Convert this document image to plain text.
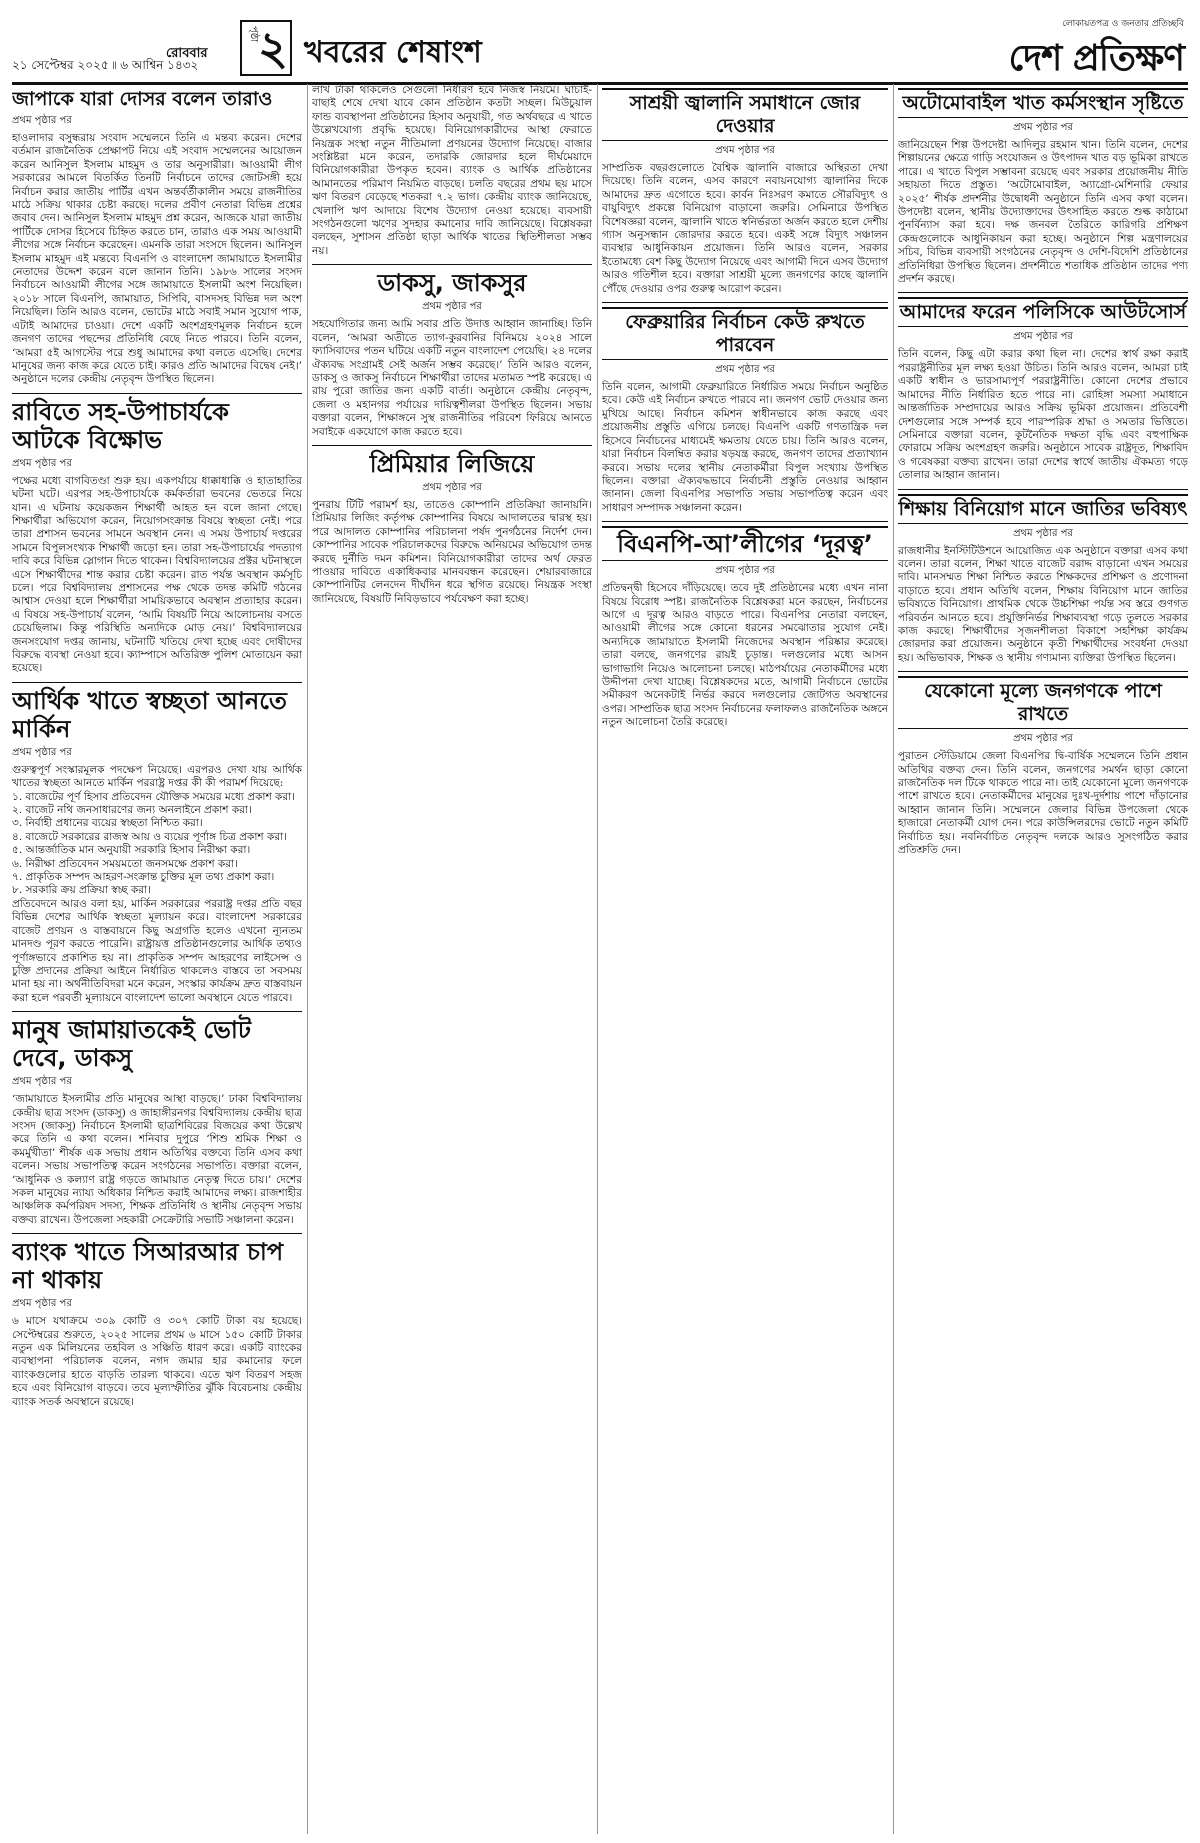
২১ সেপ্টেম্বর ২০২৫ ৷৷ ৬ আশ্বিন ১৪৩২
রোববার
পৃষ্ঠা ২ খবরের শেষাংশ
লোকায়তপত্র ও জনতার প্রতিচ্ছবি
দেশ প্রতিক্ষণ
জাপাকে যারা দোসর বলেন তারাও
প্রথম পৃষ্ঠার পর

হাওলাদার বসুন্ধরায় সংবাদ সম্মেলনে তিনি এ মন্তব্য করেন। দেশের বর্তমান রাজনৈতিক প্রেক্ষাপট নিয়ে এই সংবাদ সম্মেলনের আয়োজন করেন আনিসুল ইসলাম মাহমুদ ও তার অনুসারীরা। আওয়ামী লীগ সরকারের আমলে বিতর্কিত তিনটি নির্বাচনে তাদের জোটসঙ্গী হয়ে নির্বাচন করার জাতীয় পার্টির এখন অন্তর্বর্তীকালীন সময়ে রাজনীতির মাঠে সক্রিয় থাকার চেষ্টা করছে। দলের প্রবীণ নেতারা বিভিন্ন প্রশ্নের জবাব দেন। আনিসুল ইসলাম মাহমুদ প্রশ্ন করেন, আজকে যারা জাতীয় পার্টিকে দোসর হিসেবে চিহ্নিত করতে চান, তারাও এক সময় আওয়ামী লীগের সঙ্গে নির্বাচন করেছেন। এমনকি তারা সংসদে ছিলেন। আনিসুল ইসলাম মাহমুদ এই মন্তব্যে বিএনপি ও বাংলাদেশ জামায়াতে ইসলামীর নেতাদের উদ্দেশ করেন বলে জানান তিনি। ১৯৮৬ সালের সংসদ নির্বাচনে আওয়ামী লীগের সঙ্গে জামায়াতে ইসলামী অংশ নিয়েছিল। ২০১৮ সালে বিএনপি, জামায়াত, সিপিবি, বাসদসহ বিভিন্ন দল অংশ নিয়েছিল। তিনি আরও বলেন, ভোটের মাঠে সবাই সমান সুযোগ পাক, এটাই আমাদের চাওয়া। দেশে একটি অংশগ্রহণমূলক নির্বাচন হলে জনগণ তাদের পছন্দের প্রতিনিধি বেছে নিতে পারবে। তিনি বলেন, ‘আমরা ৫ই আগস্টের পরে শুধু আমাদের কথা বলতে এসেছি। দেশের মানুষের জন্য কাজ করে যেতে চাই। কারও প্রতি আমাদের বিদ্বেষ নেই।’ অনুষ্ঠানে দলের কেন্দ্রীয় নেতৃবৃন্দ উপস্থিত ছিলেন।

রাবিতে সহ-উপাচার্যকে আটকে বিক্ষোভ
প্রথম পৃষ্ঠার পর

পক্ষের মধ্যে বাগবিতণ্ডা শুরু হয়। একপর্যায়ে ধাক্কাধাক্কি ও হাতাহাতির ঘটনা ঘটে। এরপর সহ-উপাচার্যকে কর্মকর্তারা ভবনের ভেতরে নিয়ে যান। এ ঘটনায় কয়েকজন শিক্ষার্থী আহত হন বলে জানা গেছে। শিক্ষার্থীরা অভিযোগ করেন, নিয়োগসংক্রান্ত বিষয়ে স্বচ্ছতা নেই। পরে তারা প্রশাসন ভবনের সামনে অবস্থান নেন। এ সময় উপাচার্য দপ্তরের সামনে বিপুলসংখ্যক শিক্ষার্থী জড়ো হন। তারা সহ-উপাচার্যের পদত্যাগ দাবি করে বিভিন্ন স্লোগান দিতে থাকেন। বিশ্ববিদ্যালয়ের প্রক্টর ঘটনাস্থলে এসে শিক্ষার্থীদের শান্ত করার চেষ্টা করেন। রাত পর্যন্ত অবস্থান কর্মসূচি চলে। পরে বিশ্ববিদ্যালয় প্রশাসনের পক্ষ থেকে তদন্ত কমিটি গঠনের আশ্বাস দেওয়া হলে শিক্ষার্থীরা সাময়িকভাবে অবস্থান প্রত্যাহার করেন। এ বিষয়ে সহ-উপাচার্য বলেন, ‘আমি বিষয়টি নিয়ে আলোচনায় বসতে চেয়েছিলাম। কিন্তু পরিস্থিতি অন্যদিকে মোড় নেয়।’ বিশ্ববিদ্যালয়ের জনসংযোগ দপ্তর জানায়, ঘটনাটি খতিয়ে দেখা হচ্ছে এবং দোষীদের বিরুদ্ধে ব্যবস্থা নেওয়া হবে। ক্যাম্পাসে অতিরিক্ত পুলিশ মোতায়েন করা হয়েছে।

আর্থিক খাতে স্বচ্ছতা আনতে মার্কিন
প্রথম পৃষ্ঠার পর

গুরুত্বপূর্ণ সংস্কারমূলক পদক্ষেপ নিয়েছে। এরপরও দেখা যায় আর্থিক খাতের স্বচ্ছতা আনতে মার্কিন পররাষ্ট্র দপ্তর কী কী পরামর্শ দিয়েছে:

১. বাজেটের পূর্ণ হিসাব প্রতিবেদন যৌক্তিক সময়ের মধ্যে প্রকাশ করা।

২. বাজেট নথি জনসাধারণের জন্য অনলাইনে প্রকাশ করা।

৩. নির্বাহী প্রধানের ব্যয়ের স্বচ্ছতা নিশ্চিত করা।

৪. বাজেটে সরকারের রাজস্ব আয় ও ব্যয়ের পূর্ণাঙ্গ চিত্র প্রকাশ করা।

৫. আন্তর্জাতিক মান অনুযায়ী সরকারি হিসাব নিরীক্ষা করা।

৬. নিরীক্ষা প্রতিবেদন সময়মতো জনসমক্ষে প্রকাশ করা।

৭. প্রাকৃতিক সম্পদ আহরণ-সংক্রান্ত চুক্তির মূল তথ্য প্রকাশ করা।

৮. সরকারি ক্রয় প্রক্রিয়া স্বচ্ছ করা।

প্রতিবেদনে আরও বলা হয়, মার্কিন সরকারের পররাষ্ট্র দপ্তর প্রতি বছর বিভিন্ন দেশের আর্থিক স্বচ্ছতা মূল্যায়ন করে। বাংলাদেশ সরকারের বাজেট প্রণয়ন ও বাস্তবায়নে কিছু অগ্রগতি হলেও এখনো ন্যূনতম মানদণ্ড পূরণ করতে পারেনি। রাষ্ট্রায়ত্ত প্রতিষ্ঠানগুলোর আর্থিক তথ্যও পূর্ণাঙ্গভাবে প্রকাশিত হয় না। প্রাকৃতিক সম্পদ আহরণের লাইসেন্স ও চুক্তি প্রদানের প্রক্রিয়া আইনে নির্ধারিত থাকলেও বাস্তবে তা সবসময় মানা হয় না। অর্থনীতিবিদরা মনে করেন, সংস্কার কার্যক্রম দ্রুত বাস্তবায়ন করা হলে পরবর্তী মূল্যায়নে বাংলাদেশ ভালো অবস্থানে যেতে পারবে।

মানুষ জামায়াতকেই ভোট দেবে, ডাকসু
প্রথম পৃষ্ঠার পর

‘জামায়াতে ইসলামীর প্রতি মানুষের আস্থা বাড়ছে।’ ঢাকা বিশ্ববিদ্যালয় কেন্দ্রীয় ছাত্র সংসদ (ডাকসু) ও জাহাঙ্গীরনগর বিশ্ববিদ্যালয় কেন্দ্রীয় ছাত্র সংসদ (জাকসু) নির্বাচনে ইসলামী ছাত্রশিবিরের বিজয়ের কথা উল্লেখ করে তিনি এ কথা বলেন। শনিবার দুপুরে ‘শিশু শ্রমিক শিক্ষা ও কমর্মুখীতা’ শীর্ষক এক সভায় প্রধান অতিথির বক্তব্যে তিনি এসব কথা বলেন। সভায় সভাপতিত্ব করেন সংগঠনের সভাপতি। বক্তারা বলেন, ‘আধুনিক ও কল্যাণ রাষ্ট্র গড়তে জামায়াত নেতৃত্ব দিতে চায়।’ দেশের সকল মানুষের ন্যায্য অধিকার নিশ্চিত করাই আমাদের লক্ষ্য। রাজশাহীর আঞ্চলিক কর্মপরিষদ সদস্য, শিক্ষক প্রতিনিধি ও স্থানীয় নেতৃবৃন্দ সভায় বক্তব্য রাখেন। উপজেলা সহকারী সেক্রেটারি সভাটি সঞ্চালনা করেন।

ব্যাংক খাতে সিআরআর চাপ না থাকায়
প্রথম পৃষ্ঠার পর

৬ মাসে যথাক্রমে ৩০৯ কোটি ও ৩০৭ কোটি টাকা বয় হয়েছে। সেপ্টেম্বরের শুরুতে, ২০২৫ সালের প্রথম ৬ মাসে ১৫০ কোটি টাকার নতুন এক মিলিয়নের তহবিল ও সঞ্চিতি ধারণ করে। একটি ব্যাংকের ব্যবস্থাপনা পরিচালক বলেন, নগদ জমার হার কমানোর ফলে ব্যাংকগুলোর হাতে বাড়তি তারল্য থাকবে। এতে ঋণ বিতরণ সহজ হবে এবং বিনিয়োগ বাড়বে। তবে মূল্যস্ফীতির ঝুঁকি বিবেচনায় কেন্দ্রীয় ব্যাংক সতর্ক অবস্থানে রয়েছে।

লাখ টাকা থাকলেও সেগুলো নির্ধারণ হবে নিজস্ব নিয়মে। ঘাচাই-বাছাই শেষে দেখা যাবে কোন প্রতিষ্ঠান কতটা সচ্ছল। মিউচুয়াল ফান্ড ব্যবস্থাপনা প্রতিষ্ঠানের হিসাব অনুযায়ী, গত অর্থবছরে এ খাতে উল্লেখযোগ্য প্রবৃদ্ধি হয়েছে। বিনিয়োগকারীদের আস্থা ফেরাতে নিয়ন্ত্রক সংস্থা নতুন নীতিমালা প্রণয়নের উদ্যোগ নিয়েছে। বাজার সংশ্লিষ্টরা মনে করেন, তদারকি জোরদার হলে দীর্ঘমেয়াদে বিনিয়োগকারীরা উপকৃত হবেন। ব্যাংক ও আর্থিক প্রতিষ্ঠানের আমানতের পরিমাণ নিয়মিত বাড়ছে। চলতি বছরের প্রথম ছয় মাসে ঋণ বিতরণ বেড়েছে শতকরা ৭.২ ভাগ। কেন্দ্রীয় ব্যাংক জানিয়েছে, খেলাপি ঋণ আদায়ে বিশেষ উদ্যোগ নেওয়া হয়েছে। ব্যবসায়ী সংগঠনগুলো ঋণের সুদহার কমানোর দাবি জানিয়েছে। বিশ্লেষকরা বলছেন, সুশাসন প্রতিষ্ঠা ছাড়া আর্থিক খাতের স্থিতিশীলতা সম্ভব নয়।

ডাকসু, জাকসুর
প্রথম পৃষ্ঠার পর

সহযোগিতার জন্য আমি সবার প্রতি উদাত্ত আহ্বান জানাচ্ছি। তিনি বলেন, ‘আমরা অতীতে ত্যাগ-কুরবানির বিনিময়ে ২০২৪ সালে ফ্যাসিবাদের পতন ঘটিয়ে একটি নতুন বাংলাদেশ পেয়েছি। ২৪ দলের ঐক্যবদ্ধ সংগ্রামই সেই অর্জন সম্ভব করেছে।’ তিনি আরও বলেন, ডাকসু ও জাকসু নির্বাচনে শিক্ষার্থীরা তাদের মতামত স্পষ্ট করেছে। এ রায় পুরো জাতির জন্য একটি বার্তা। অনুষ্ঠানে কেন্দ্রীয় নেতৃবৃন্দ, জেলা ও মহানগর পর্যায়ের দায়িত্বশীলরা উপস্থিত ছিলেন। সভায় বক্তারা বলেন, শিক্ষাঙ্গনে সুস্থ রাজনীতির পরিবেশ ফিরিয়ে আনতে সবাইকে একযোগে কাজ করতে হবে।

প্রিমিয়ার লিজিয়ে
প্রথম পৃষ্ঠার পর

পুনরায় টিটি পরামর্শ হয়, তাতেও কোম্পানি প্রতিক্রিয়া জানায়নি। প্রিমিয়ার লিজিং কর্তৃপক্ষ কোম্পানির বিষয়ে আদালতের দ্বারস্থ হয়। পরে আদালত কোম্পানির পরিচালনা পর্ষদ পুনর্গঠনের নির্দেশ দেন। কোম্পানির সাবেক পরিচালকদের বিরুদ্ধে অনিয়মের অভিযোগ তদন্ত করছে দুর্নীতি দমন কমিশন। বিনিয়োগকারীরা তাদের অর্থ ফেরত পাওয়ার দাবিতে একাধিকবার মানববন্ধন করেছেন। শেয়ারবাজারে কোম্পানিটির লেনদেন দীর্ঘদিন ধরে স্থগিত রয়েছে। নিয়ন্ত্রক সংস্থা জানিয়েছে, বিষয়টি নিবিড়ভাবে পর্যবেক্ষণ করা হচ্ছে।

সাশ্রয়ী জ্বালানি সমাধানে জোর দেওয়ার
প্রথম পৃষ্ঠার পর

সাম্প্রতিক বছরগুলোতে বৈশ্বিক জ্বালানি বাজারে অস্থিরতা দেখা দিয়েছে। তিনি বলেন, এসব কারণে নবায়নযোগ্য জ্বালানির দিকে আমাদের দ্রুত এগোতে হবে। কার্বন নিঃসরণ কমাতে সৌরবিদ্যুৎ ও বায়ুবিদ্যুৎ প্রকল্পে বিনিয়োগ বাড়ানো জরুরি। সেমিনারে উপস্থিত বিশেষজ্ঞরা বলেন, জ্বালানি খাতে স্বনির্ভরতা অর্জন করতে হলে দেশীয় গ্যাস অনুসন্ধান জোরদার করতে হবে। একই সঙ্গে বিদ্যুৎ সঞ্চালন ব্যবস্থার আধুনিকায়ন প্রয়োজন। তিনি আরও বলেন, সরকার ইতোমধ্যে বেশ কিছু উদ্যোগ নিয়েছে এবং আগামী দিনে এসব উদ্যোগ আরও গতিশীল হবে। বক্তারা সাশ্রয়ী মূল্যে জনগণের কাছে জ্বালানি পৌঁছে দেওয়ার ওপর গুরুত্ব আরোপ করেন।

ফেব্রুয়ারির নির্বাচন কেউ রুখতে পারবেন
প্রথম পৃষ্ঠার পর

তিনি বলেন, আগামী ফেব্রুয়ারিতে নির্ধারিত সময়ে নির্বাচন অনুষ্ঠিত হবে। কেউ এই নির্বাচন রুখতে পারবে না। জনগণ ভোট দেওয়ার জন্য মুখিয়ে আছে। নির্বাচন কমিশন স্বাধীনভাবে কাজ করছে এবং প্রয়োজনীয় প্রস্তুতি এগিয়ে চলছে। বিএনপি একটি গণতান্ত্রিক দল হিসেবে নির্বাচনের মাধ্যমেই ক্ষমতায় যেতে চায়। তিনি আরও বলেন, যারা নির্বাচন বিলম্বিত করার ষড়যন্ত্র করছে, জনগণ তাদের প্রত্যাখ্যান করবে। সভায় দলের স্থানীয় নেতাকর্মীরা বিপুল সংখ্যায় উপস্থিত ছিলেন। বক্তারা ঐক্যবদ্ধভাবে নির্বাচনী প্রস্তুতি নেওয়ার আহ্বান জানান। জেলা বিএনপির সভাপতি সভায় সভাপতিত্ব করেন এবং সাধারণ সম্পাদক সঞ্চালনা করেন।

বিএনপি-আ’লীগের ‘দূরত্ব’
প্রথম পৃষ্ঠার পর

প্রতিদ্বন্দ্বী হিসেবে দাঁড়িয়েছে। তবে দুই প্রতিষ্ঠানের মধ্যে এখন নানা বিষয়ে বিরোধ স্পষ্ট। রাজনৈতিক বিশ্লেষকরা মনে করছেন, নির্বাচনের আগে এ দূরত্ব আরও বাড়তে পারে। বিএনপির নেতারা বলছেন, আওয়ামী লীগের সঙ্গে কোনো ধরনের সমঝোতার সুযোগ নেই। অন্যদিকে জামায়াতে ইসলামী নিজেদের অবস্থান পরিষ্কার করেছে। তারা বলছে, জনগণের রায়ই চূড়ান্ত। দলগুলোর মধ্যে আসন ভাগাভাগি নিয়েও আলোচনা চলছে। মাঠপর্যায়ের নেতাকর্মীদের মধ্যে উদ্দীপনা দেখা যাচ্ছে। বিশ্লেষকদের মতে, আগামী নির্বাচনে ভোটের সমীকরণ অনেকটাই নির্ভর করবে দলগুলোর জোটগত অবস্থানের ওপর। সাম্প্রতিক ছাত্র সংসদ নির্বাচনের ফলাফলও রাজনৈতিক অঙ্গনে নতুন আলোচনা তৈরি করেছে।

অটোমোবাইল খাত কর্মসংস্থান সৃষ্টিতে
প্রথম পৃষ্ঠার পর

জানিয়েছেন শিল্প উপদেষ্টা আদিলুর রহমান খান। তিনি বলেন, দেশের শিল্পায়নের ক্ষেত্রে গাড়ি সংযোজন ও উৎপাদন খাত বড় ভূমিকা রাখতে পারে। এ খাতে বিপুল সম্ভাবনা রয়েছে এবং সরকার প্রয়োজনীয় নীতি সহায়তা দিতে প্রস্তুত। ‘অটোমোবাইল, অ্যাগ্রো-মেশিনারি ফেয়ার ২০২৫’ শীর্ষক প্রদর্শনীর উদ্বোধনী অনুষ্ঠানে তিনি এসব কথা বলেন। উপদেষ্টা বলেন, স্থানীয় উদ্যোক্তাদের উৎসাহিত করতে শুল্ক কাঠামো পুনর্বিন্যাস করা হবে। দক্ষ জনবল তৈরিতে কারিগরি প্রশিক্ষণ কেন্দ্রগুলোকে আধুনিকায়ন করা হচ্ছে। অনুষ্ঠানে শিল্প মন্ত্রণালয়ের সচিব, বিভিন্ন ব্যবসায়ী সংগঠনের নেতৃবৃন্দ ও দেশি-বিদেশি প্রতিষ্ঠানের প্রতিনিধিরা উপস্থিত ছিলেন। প্রদর্শনীতে শতাধিক প্রতিষ্ঠান তাদের পণ্য প্রদর্শন করছে।

আমাদের ফরেন পলিসিকে আউটসোর্স
প্রথম পৃষ্ঠার পর

তিনি বলেন, কিছু এটা করার কথা ছিল না। দেশের স্বার্থ রক্ষা করাই পররাষ্ট্রনীতির মূল লক্ষ্য হওয়া উচিত। তিনি আরও বলেন, আমরা চাই একটি স্বাধীন ও ভারসাম্যপূর্ণ পররাষ্ট্রনীতি। কোনো দেশের প্রভাবে আমাদের নীতি নির্ধারিত হতে পারে না। রোহিঙ্গা সমস্যা সমাধানে আন্তর্জাতিক সম্প্রদায়ের আরও সক্রিয় ভূমিকা প্রয়োজন। প্রতিবেশী দেশগুলোর সঙ্গে সম্পর্ক হবে পারস্পরিক শ্রদ্ধা ও সমতার ভিত্তিতে। সেমিনারে বক্তারা বলেন, কূটনৈতিক দক্ষতা বৃদ্ধি এবং বহুপাক্ষিক ফোরামে সক্রিয় অংশগ্রহণ জরুরি। অনুষ্ঠানে সাবেক রাষ্ট্রদূত, শিক্ষাবিদ ও গবেষকরা বক্তব্য রাখেন। তারা দেশের স্বার্থে জাতীয় ঐকমত্য গড়ে তোলার আহ্বান জানান।

শিক্ষায় বিনিয়োগ মানে জাতির ভবিষ্যৎ
প্রথম পৃষ্ঠার পর

রাজধানীর ইনস্টিটিউশনে আয়োজিত এক অনুষ্ঠানে বক্তারা এসব কথা বলেন। তারা বলেন, শিক্ষা খাতে বাজেট বরাদ্দ বাড়ানো এখন সময়ের দাবি। মানসম্মত শিক্ষা নিশ্চিত করতে শিক্ষকদের প্রশিক্ষণ ও প্রণোদনা বাড়াতে হবে। প্রধান অতিথি বলেন, শিক্ষায় বিনিয়োগ মানে জাতির ভবিষ্যতে বিনিয়োগ। প্রাথমিক থেকে উচ্চশিক্ষা পর্যন্ত সব স্তরে গুণগত পরিবর্তন আনতে হবে। প্রযুক্তিনির্ভর শিক্ষাব্যবস্থা গড়ে তুলতে সরকার কাজ করছে। শিক্ষার্থীদের সৃজনশীলতা বিকাশে সহশিক্ষা কার্যক্রম জোরদার করা প্রয়োজন। অনুষ্ঠানে কৃতী শিক্ষার্থীদের সংবর্ধনা দেওয়া হয়। অভিভাবক, শিক্ষক ও স্থানীয় গণ্যমান্য ব্যক্তিরা উপস্থিত ছিলেন।

যেকোনো মূল্যে জনগণকে পাশে রাখতে
প্রথম পৃষ্ঠার পর

পুরাতন স্টেডিয়ামে জেলা বিএনপির দ্বি-বার্ষিক সম্মেলনে তিনি প্রধান অতিথির বক্তব্য দেন। তিনি বলেন, জনগণের সমর্থন ছাড়া কোনো রাজনৈতিক দল টিকে থাকতে পারে না। তাই যেকোনো মূল্যে জনগণকে পাশে রাখতে হবে। নেতাকর্মীদের মানুষের দুঃখ-দুর্দশায় পাশে দাঁড়ানোর আহ্বান জানান তিনি। সম্মেলনে জেলার বিভিন্ন উপজেলা থেকে হাজারো নেতাকর্মী যোগ দেন। পরে কাউন্সিলরদের ভোটে নতুন কমিটি নির্বাচিত হয়। নবনির্বাচিত নেতৃবৃন্দ দলকে আরও সুসংগঠিত করার প্রতিশ্রুতি দেন।
